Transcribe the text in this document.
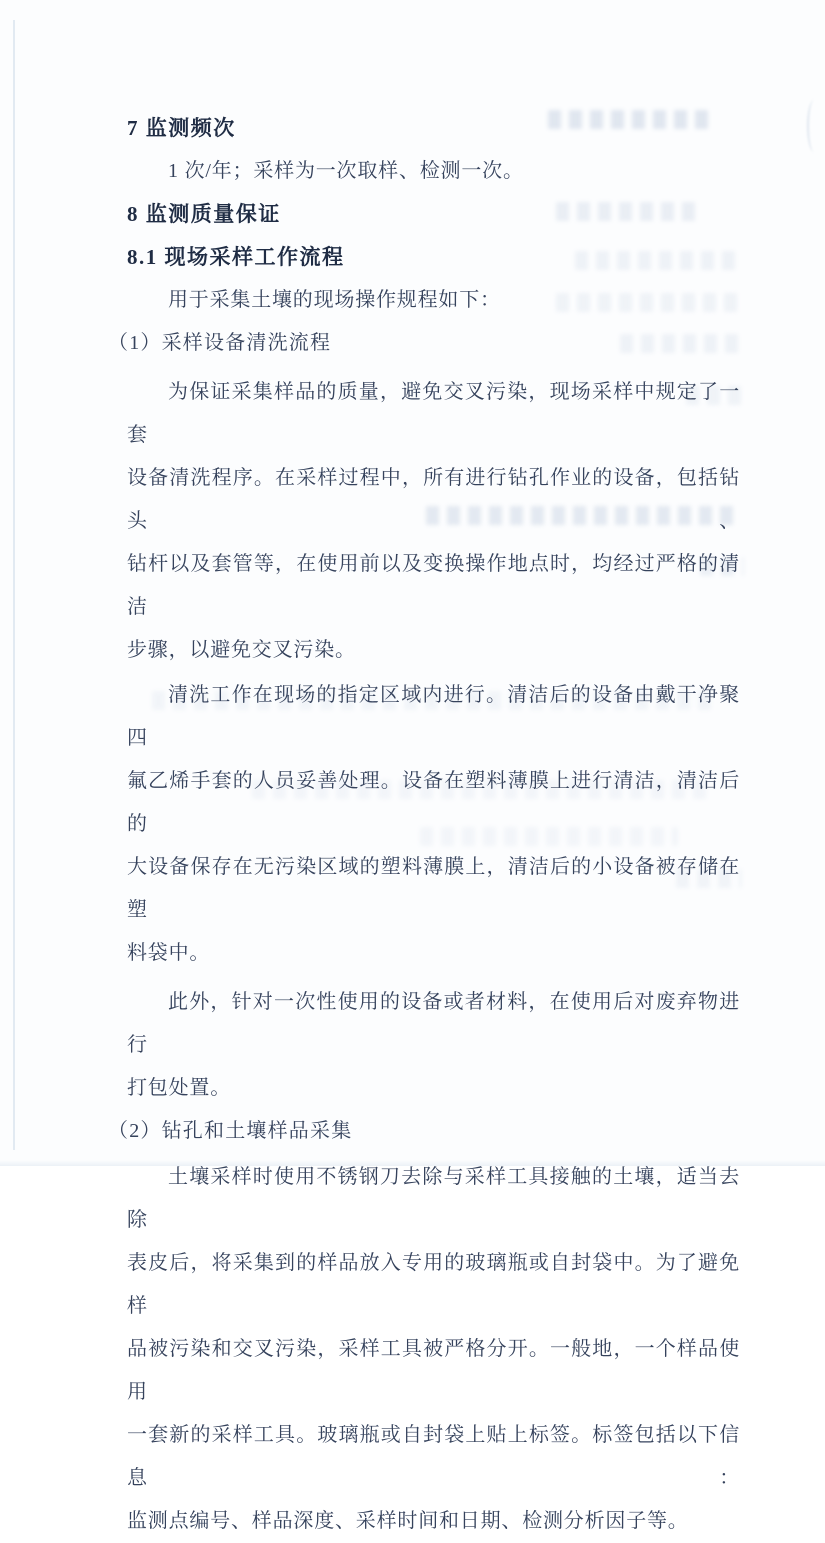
7 监测频次
1 次/年；采样为一次取样、检测一次。
8 监测质量保证
8.1 现场采样工作流程
用于采集土壤的现场操作规程如下：
（1）采样设备清洗流程
为保证采集样品的质量，避免交叉污染，现场采样中规定了一套
设备清洗程序。在采样过程中，所有进行钻孔作业的设备，包括钻头、
钻杆以及套管等，在使用前以及变换操作地点时，均经过严格的清洁
步骤，以避免交叉污染。
清洗工作在现场的指定区域内进行。清洁后的设备由戴干净聚四
氟乙烯手套的人员妥善处理。设备在塑料薄膜上进行清洁，清洁后的
大设备保存在无污染区域的塑料薄膜上，清洁后的小设备被存储在塑
料袋中。
此外，针对一次性使用的设备或者材料，在使用后对废弃物进行
打包处置。
（2）钻孔和土壤样品采集
土壤采样时使用不锈钢刀去除与采样工具接触的土壤，适当去除
表皮后，将采集到的样品放入专用的玻璃瓶或自封袋中。为了避免样
品被污染和交叉污染，采样工具被严格分开。一般地，一个样品使用
一套新的采样工具。玻璃瓶或自封袋上贴上标签。标签包括以下信息：
监测点编号、样品深度、采样时间和日期、检测分析因子等。
